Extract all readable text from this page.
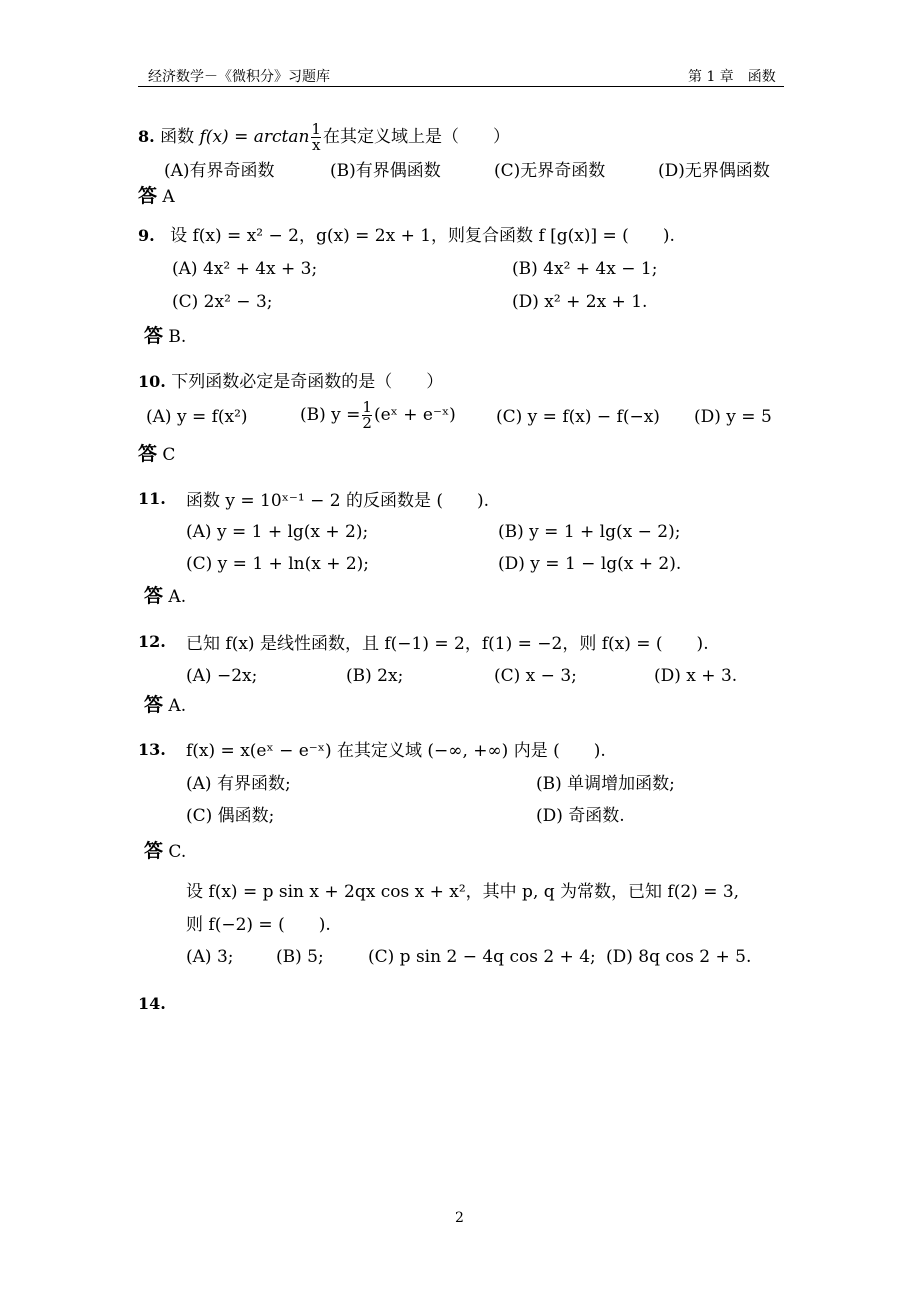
经济数学－《微积分》习题库	第 1 章　函数
8. 函数 $f(x) = \arctan \frac{1}{x}$ 在其定义域上是（　　）
(A)有界奇函数	(B)有界偶函数	(C)无界奇函数	(D)无界偶函数
答 A
9. 设 f(x) = x² − 2，g(x) = 2x + 1，则复合函数 f [g(x)] = (　　).
(A) 4x² + 4x + 3;	(B) 4x² + 4x − 1;
(C) 2x² − 3;	(D) x² + 2x + 1.
答 B.
10. 下列函数必定是奇函数的是（　　）
(A) y = f(x²)	(B) $y = \frac{1}{2}$ (eˣ + e⁻ˣ) (C) y = f(x) − f(−x) (D) y = 5
答 C
11. 函数 y = 10ˣ⁻¹ − 2 的反函数是 (　　).
(A) y = 1 + lg(x + 2);	(B) y = 1 + lg(x − 2);
(C) y = 1 + ln(x + 2);	(D) y = 1 − lg(x + 2).
答 A.
12. 已知 f(x) 是线性函数，且 f(−1) = 2，f(1) = −2，则 f(x) = (　　).
(A) −2x;	(B) 2x;	(C) x − 3;	(D) x + 3.
答 A.
13. f(x) = x(eˣ − e⁻ˣ) 在其定义域 (−∞, +∞) 内是 (　　).
(A) 有界函数;	(B) 单调增加函数;
(C) 偶函数;	(D) 奇函数.
答 C.
设 f(x) = p sin x + 2qx cos x + x²，其中 p, q 为常数，已知 f(2) = 3,
则 f(−2) = (　　).
(A) 3;	(B) 5;	(C) p sin 2 − 4q cos 2 + 4; (D) 8q cos 2 + 5.
14.
2
